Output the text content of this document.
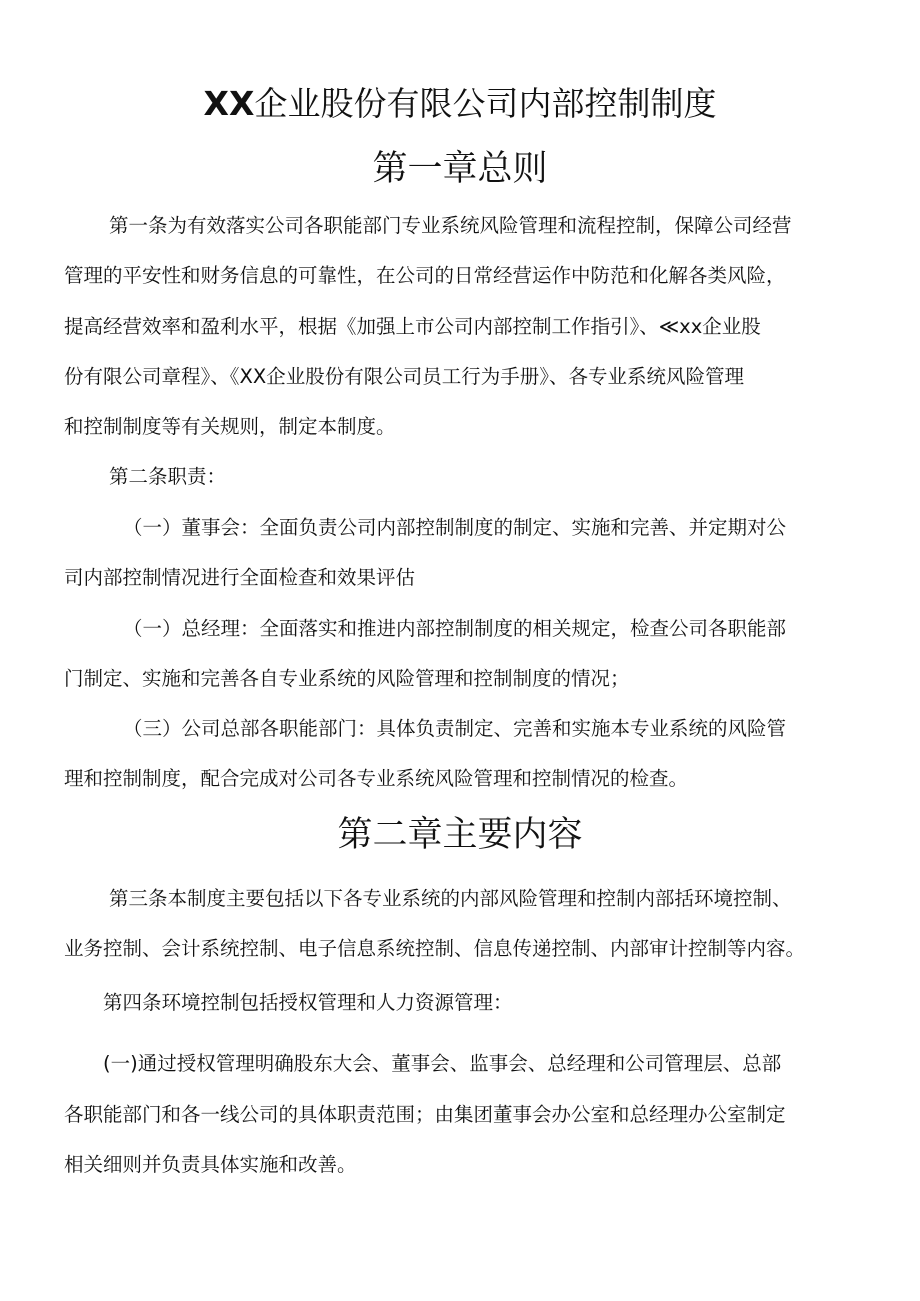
XX企业股份有限公司内部控制制度
第一章总则
第一条为有效落实公司各职能部门专业系统风险管理和流程控制，保障公司经营
管理的平安性和财务信息的可靠性，在公司的日常经营运作中防范和化解各类风险，
提高经营效率和盈利水平，根据《加强上市公司内部控制工作指引》、≪xx企业股
份有限公司章程》、《XX企业股份有限公司员工行为手册》、各专业系统风险管理
和控制制度等有关规则，制定本制度。
第二条职责：
（一）董事会：全面负责公司内部控制制度的制定、实施和完善、并定期对公
司内部控制情况进行全面检查和效果评估
（一）总经理：全面落实和推进内部控制制度的相关规定，检查公司各职能部
门制定、实施和完善各自专业系统的风险管理和控制制度的情况；
（三）公司总部各职能部门：具体负责制定、完善和实施本专业系统的风险管
理和控制制度，配合完成对公司各专业系统风险管理和控制情况的检查。
第二章主要内容
第三条本制度主要包括以下各专业系统的内部风险管理和控制内部括环境控制、
业务控制、会计系统控制、电子信息系统控制、信息传递控制、内部审计控制等内容。
第四条环境控制包括授权管理和人力资源管理：
(一)通过授权管理明确股东大会、董事会、监事会、总经理和公司管理层、总部
各职能部门和各一线公司的具体职责范围；由集团董事会办公室和总经理办公室制定
相关细则并负责具体实施和改善。
